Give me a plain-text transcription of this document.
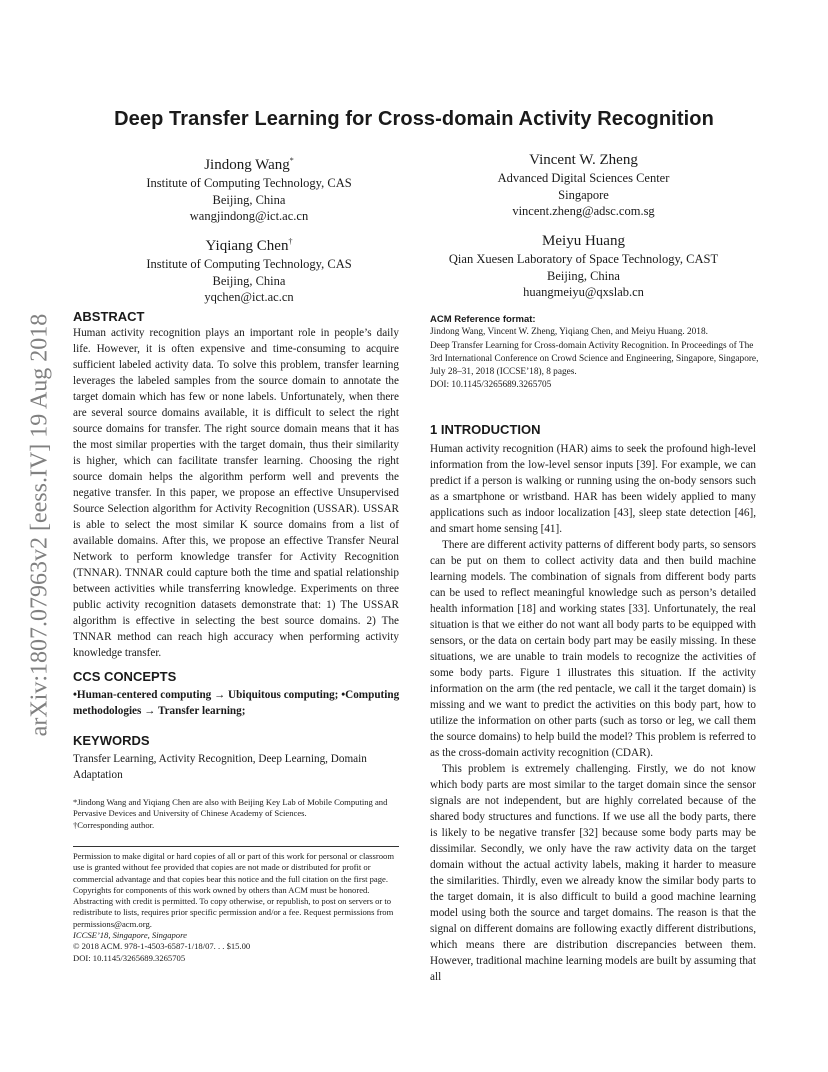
arXiv:1807.07963v2 [eess.IV] 19 Aug 2018
Deep Transfer Learning for Cross-domain Activity Recognition
Jindong Wang*
Institute of Computing Technology, CAS
Beijing, China
wangjindong@ict.ac.cn
Vincent W. Zheng
Advanced Digital Sciences Center
Singapore
vincent.zheng@adsc.com.sg
Yiqiang Chen†
Institute of Computing Technology, CAS
Beijing, China
yqchen@ict.ac.cn
Meiyu Huang
Qian Xuesen Laboratory of Space Technology, CAST
Beijing, China
huangmeiyu@qxslab.cn
ABSTRACT

Human activity recognition plays an important role in people’s daily life. However, it is often expensive and time-consuming to acquire sufficient labeled activity data. To solve this problem, transfer learning leverages the labeled samples from the source domain to annotate the target domain which has few or none labels. Unfortunately, when there are several source domains available, it is difficult to select the right source domains for transfer. The right source domain means that it has the most similar properties with the target domain, thus their similarity is higher, which can facilitate transfer learning. Choosing the right source domain helps the algorithm perform well and prevents the negative transfer. In this paper, we propose an effective Unsupervised Source Selection algorithm for Activity Recognition (USSAR). USSAR is able to select the most similar K source domains from a list of available domains. After this, we propose an effective Transfer Neural Network to perform knowledge transfer for Activity Recognition (TNNAR). TNNAR could capture both the time and spatial relationship between activities while transferring knowledge. Experiments on three public activity recognition datasets demonstrate that: 1) The USSAR algorithm is effective in selecting the best source domains. 2) The TNNAR method can reach high accuracy when performing activity knowledge transfer.

CCS CONCEPTS
•Human-centered computing → Ubiquitous computing; •Computing
methodologies → Transfer learning;
KEYWORDS

Transfer Learning, Activity Recognition, Deep Learning, Domain Adaptation

*Jindong Wang and Yiqiang Chen are also with Beijing Key Lab of Mobile Computing and Pervasive Devices and University of Chinese Academy of Sciences.

†Corresponding author.

Permission to make digital or hard copies of all or part of this work for personal or classroom use is granted without fee provided that copies are not made or distributed for profit or commercial advantage and that copies bear this notice and the full citation on the first page. Copyrights for components of this work owned by others than ACM must be honored. Abstracting with credit is permitted. To copy otherwise, or republish, to post on servers or to redistribute to lists, requires prior specific permission and/or a fee. Request permissions from permissions@acm.org.

ICCSE’18, Singapore, Singapore

© 2018 ACM. 978-1-4503-6587-1/18/07. . . $15.00

DOI: 10.1145/3265689.3265705

ACM Reference format:
Jindong Wang, Vincent W. Zheng, Yiqiang Chen, and Meiyu Huang. 2018.
Deep Transfer Learning for Cross-domain Activity Recognition. In Proceedings of The 3rd International Conference on Crowd Science and Engineering, Singapore, Singapore, July 28–31, 2018 (ICCSE’18), 8 pages.
DOI: 10.1145/3265689.3265705
1 INTRODUCTION

Human activity recognition (HAR) aims to seek the profound high-level information from the low-level sensor inputs [39]. For example, we can predict if a person is walking or running using the on-body sensors such as a smartphone or wristband. HAR has been widely applied to many applications such as indoor localization [43], sleep state detection [46], and smart home sensing [41].

There are different activity patterns of different body parts, so sensors can be put on them to collect activity data and then build machine learning models. The combination of signals from different body parts can be used to reflect meaningful knowledge such as person’s detailed health information [18] and working states [33]. Unfortunately, the real situation is that we either do not want all body parts to be equipped with sensors, or the data on certain body part may be easily missing. In these situations, we are unable to train models to recognize the activities of some body parts. Figure 1 illustrates this situation. If the activity information on the arm (the red pentacle, we call it the target domain) is missing and we want to predict the activities on this body part, how to utilize the information on other parts (such as torso or leg, we call them the source domains) to help build the model? This problem is referred to as the cross-domain activity recognition (CDAR).

This problem is extremely challenging. Firstly, we do not know which body parts are most similar to the target domain since the sensor signals are not independent, but are highly correlated because of the shared body structures and functions. If we use all the body parts, there is likely to be negative transfer [32] because some body parts may be dissimilar. Secondly, we only have the raw activity data on the target domain without the actual activity labels, making it harder to measure the similarities. Thirdly, even we already know the similar body parts to the target domain, it is also difficult to build a good machine learning model using both the source and target domains. The reason is that the signal on different domains are following exactly different distributions, which means there are distribution discrepancies between them. However, traditional machine learning models are built by assuming that all
